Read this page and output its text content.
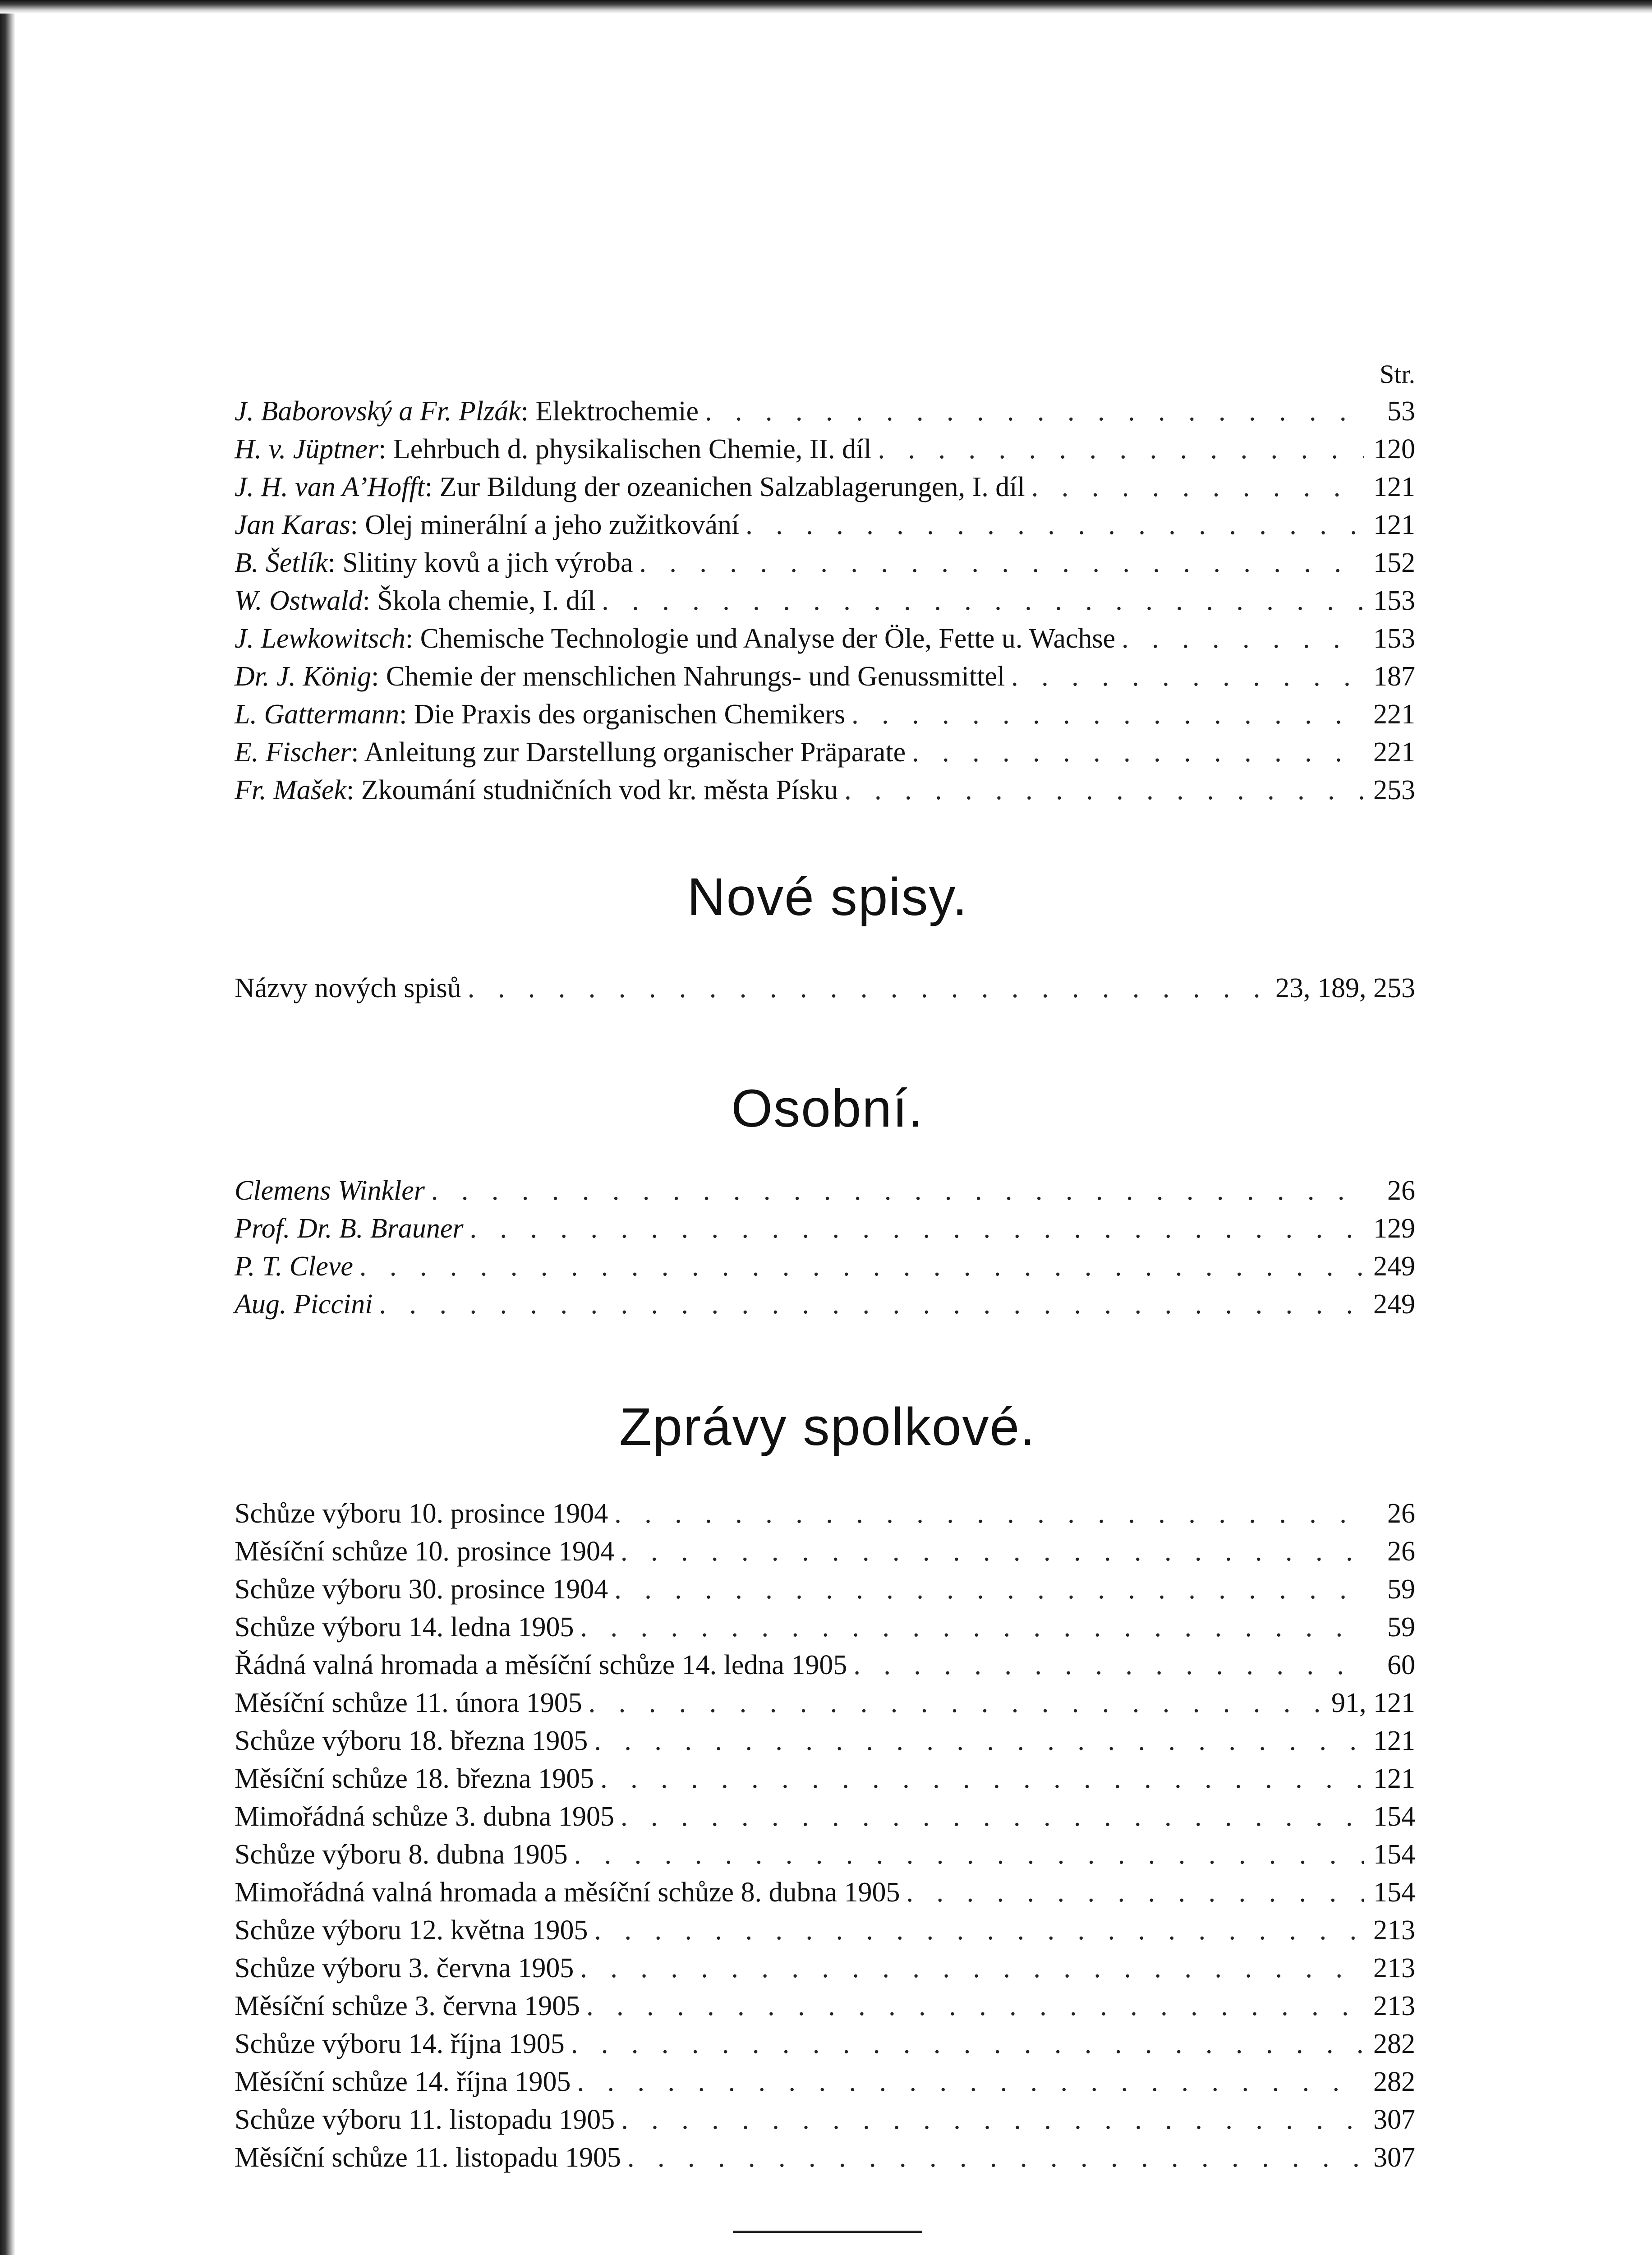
Str.
J. Baborovský a Fr. Plzák: Elektrochemie . . .	53
H. v. Jüptner: Lehrbuch d. physikalischen Chemie, II. díl . . .	120
J. H. van A’Hofft: Zur Bildung der ozeanichen Salzablagerungen, I. díl . . .	121
Jan Karas: Olej minerální a jeho zužitkování . . .	121
B. Šetlík: Slitiny kovů a jich výroba . . .	152
W. Ostwald: Škola chemie, I. díl . . .	153
J. Lewkowitsch: Chemische Technologie und Analyse der Öle, Fette u. Wachse . . .	153
Dr. J. König: Chemie der menschlichen Nahrungs- und Genussmittel . . .	187
L. Gattermann: Die Praxis des organischen Chemikers . . .	221
E. Fischer: Anleitung zur Darstellung organischer Präparate . . .	221
Fr. Mašek: Zkoumání studničních vod kr. města Písku . . .	253
Nové spisy.
Názvy nových spisů . . .	23, 189, 253
Osobní.
Clemens Winkler . . .	26
Prof. Dr. B. Brauner . . .	129
P. T. Cleve . . .	249
Aug. Piccini . . .	249
Zprávy spolkové.
Schůze výboru 10. prosince 1904 . . .	26
Měsíční schůze 10. prosince 1904 . . .	26
Schůze výboru 30. prosince 1904 . . .	59
Schůze výboru 14. ledna 1905 . . .	59
Řádná valná hromada a měsíční schůze 14. ledna 1905 . . .	60
Měsíční schůze 11. února 1905 . . .	91, 121
Schůze výboru 18. března 1905 . . .	121
Měsíční schůze 18. března 1905 . . .	121
Mimořádná schůze 3. dubna 1905 . . .	154
Schůze výboru 8. dubna 1905 . . .	154
Mimořádná valná hromada a měsíční schůze 8. dubna 1905 . . .	154
Schůze výboru 12. května 1905 . . .	213
Schůze výboru 3. června 1905 . . .	213
Měsíční schůze 3. června 1905 . . .	213
Schůze výboru 14. října 1905 . . .	282
Měsíční schůze 14. října 1905 . . .	282
Schůze výboru 11. listopadu 1905 . . .	307
Měsíční schůze 11. listopadu 1905 . . .	307
